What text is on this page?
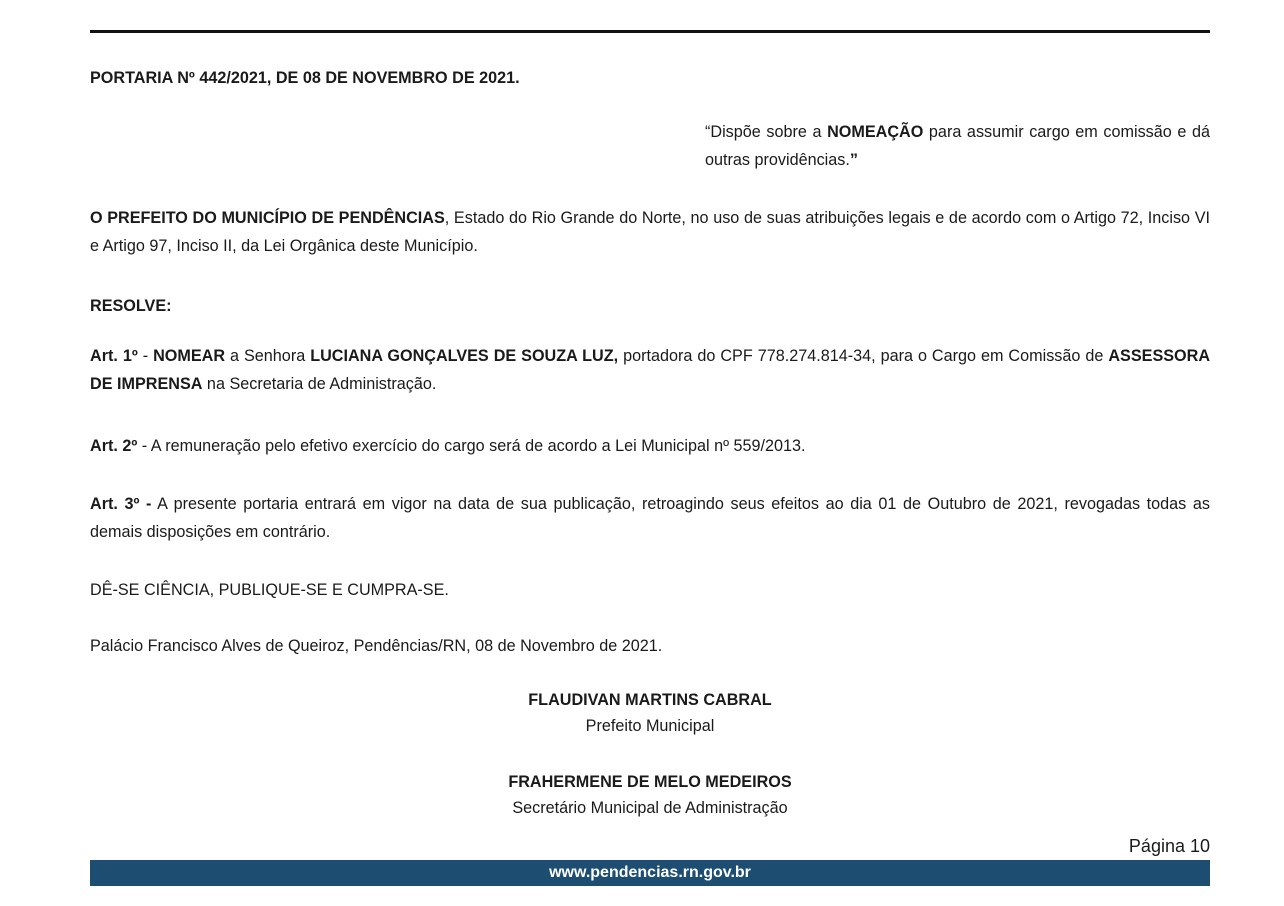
PORTARIA Nº 442/2021, DE 08 DE NOVEMBRO DE 2021.

“Dispõe sobre a NOMEAÇÃO para assumir cargo em comissão e dá outras providências.”

O PREFEITO DO MUNICÍPIO DE PENDÊNCIAS, Estado do Rio Grande do Norte, no uso de suas atribuições legais e de acordo com o Artigo 72, Inciso VI e Artigo 97, Inciso II, da Lei Orgânica deste Município.

RESOLVE:

Art. 1º - NOMEAR a Senhora LUCIANA GONÇALVES DE SOUZA LUZ, portadora do CPF 778.274.814-34, para o Cargo em Comissão de ASSESSORA DE IMPRENSA na Secretaria de Administração.

Art. 2º - A remuneração pelo efetivo exercício do cargo será de acordo a Lei Municipal nº 559/2013.

Art. 3º - A presente portaria entrará em vigor na data de sua publicação, retroagindo seus efeitos ao dia 01 de Outubro de 2021, revogadas todas as demais disposições em contrário.

DÊ-SE CIÊNCIA, PUBLIQUE-SE E CUMPRA-SE.

Palácio Francisco Alves de Queiroz, Pendências/RN, 08 de Novembro de 2021.

FLAUDIVAN MARTINS CABRAL

Prefeito Municipal

FRAHERMENE DE MELO MEDEIROS

Secretário Municipal de Administração

Página 10
www.pendencias.rn.gov.br
